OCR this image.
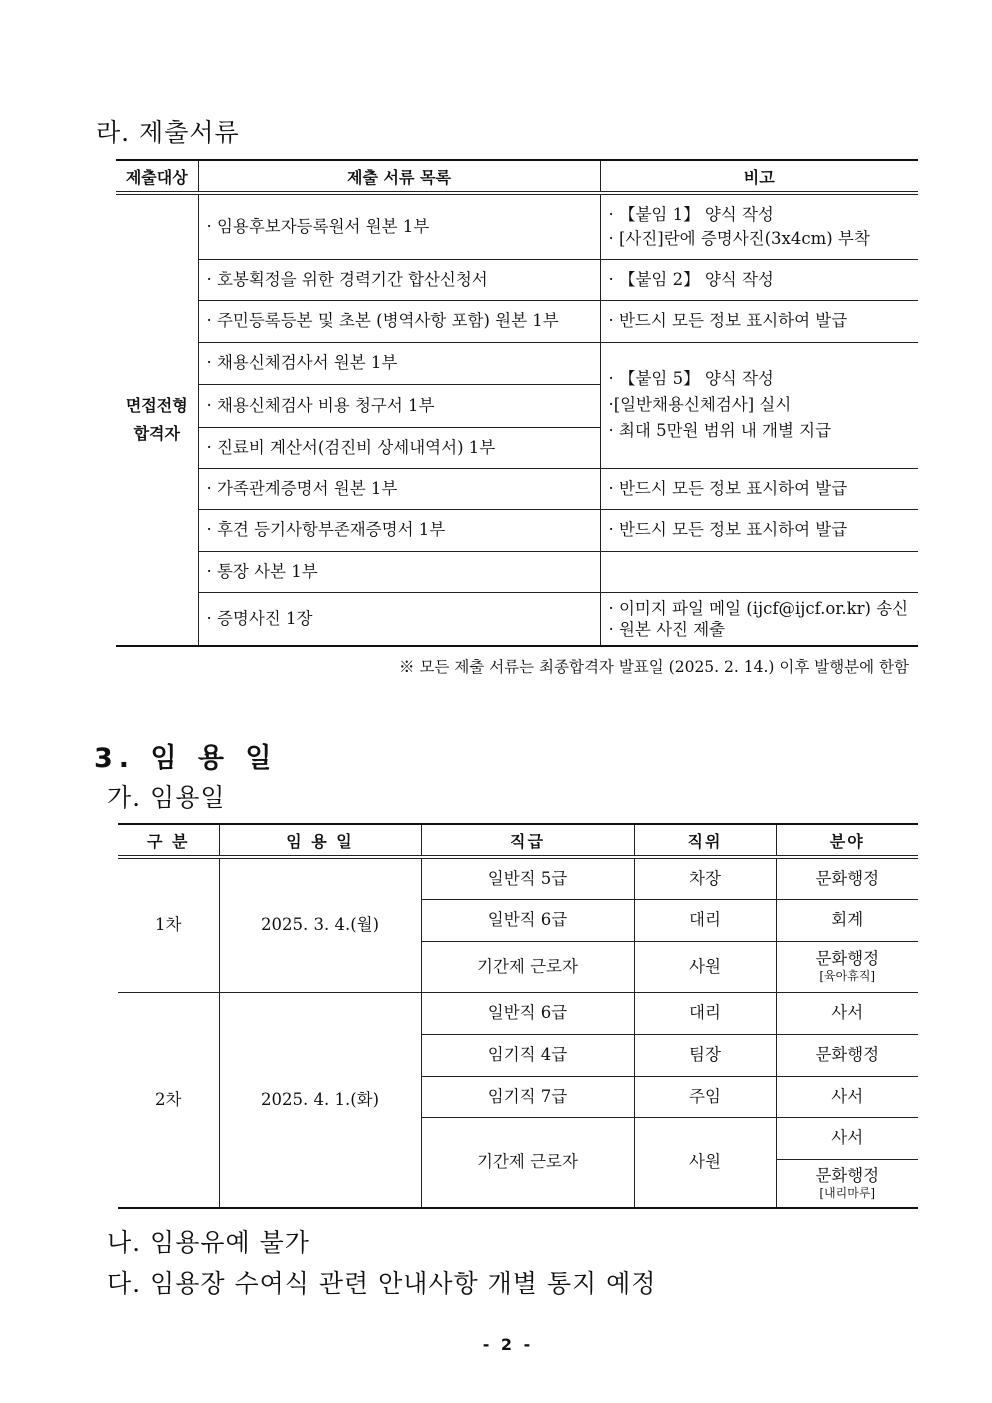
라. 제출서류
제출대상	제출 서류 목록	비고
면접전형
합격자	· 임용후보자등록원서 원본 1부	· 【붙임 1】 양식 작성
· [사진]란에 증명사진(3x4cm) 부착
	· 호봉획정을 위한 경력기간 합산신청서	· 【붙임 2】 양식 작성
	· 주민등록등본 및 초본 (병역사항 포함) 원본 1부	· 반드시 모든 정보 표시하여 발급
	· 채용신체검사서 원본 1부	· 【붙임 5】 양식 작성
·[일반채용신체검사] 실시
· 최대 5만원 범위 내 개별 지급
	· 채용신체검사 비용 청구서 1부	
	· 진료비 계산서(검진비 상세내역서) 1부	
	· 가족관계증명서 원본 1부	· 반드시 모든 정보 표시하여 발급
	· 후견 등기사항부존재증명서 1부	· 반드시 모든 정보 표시하여 발급
	· 통장 사본 1부	
	· 증명사진 1장	· 이미지 파일 메일 (ijcf@ijcf.or.kr) 송신
· 원본 사진 제출
※ 모든 제출 서류는 최종합격자 발표일 (2025. 2. 14.) 이후 발행분에 한함
3. 임 용 일
가. 임용일
구 분	임 용 일	직급	직위	분야
1차	2025. 3. 4.(월)	일반직 5급	차장	문화행정
		일반직 6급	대리	회계
		기간제 근로자	사원	문화행정
[육아휴직]

2차	2025. 4. 1.(화)	일반직 6급	대리	사서
		임기직 4급	팀장	문화행정
		임기직 7급	주임	사서
		기간제 근로자	사원	사서
				문화행정
[내리마루]
나. 임용유예 불가
다. 임용장 수여식 관련 안내사항 개별 통지 예정
- 2 -
